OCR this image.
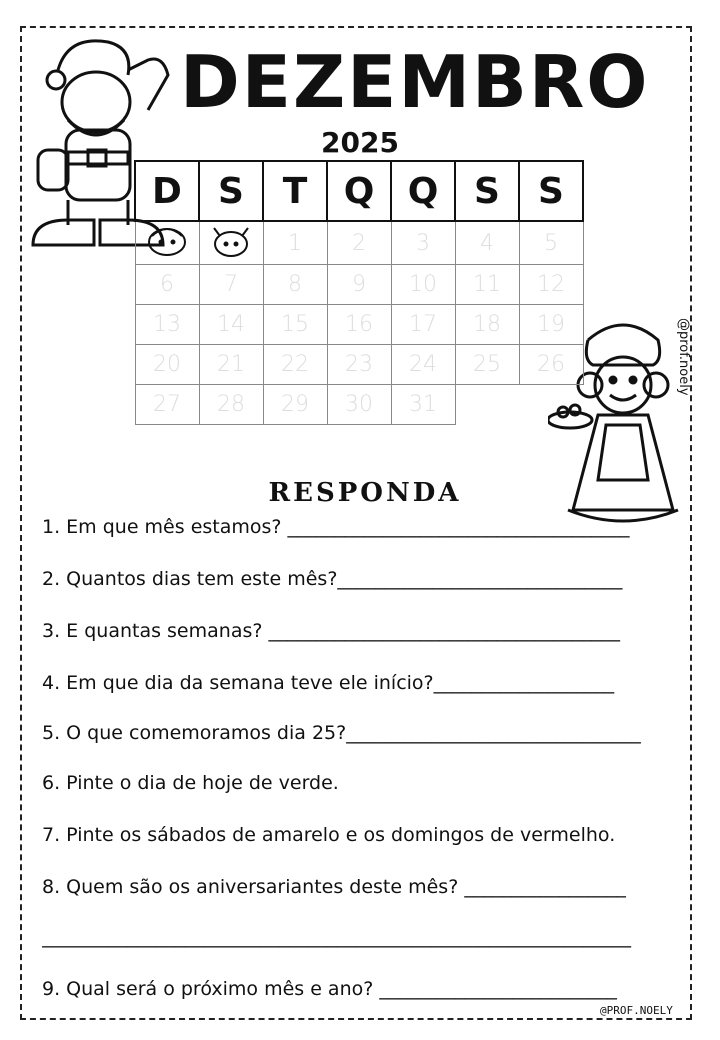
DEZEMBRO
2025
D	S	T	Q	Q	S	S
		1	2	3	4	5
6	7	8	9	10	11	12
13	14	15	16	17	18	19
20	21	22	23	24	25	26
27	28	29	30	31		
@prof.noely
RESPONDA
1. Em que mês estamos? ____________________________________
2. Quantos dias tem este mês?______________________________
3. E quantas semanas? _____________________________________
4. Em que dia da semana teve ele início?___________________
5. O que comemoramos dia 25?_______________________________
6. Pinte o dia de hoje de verde.
7. Pinte os sábados de amarelo e os domingos de vermelho.
8. Quem são os aniversariantes deste mês? _________________
______________________________________________________________
9. Qual será o próximo mês e ano? _________________________
@PROF.NOELY
